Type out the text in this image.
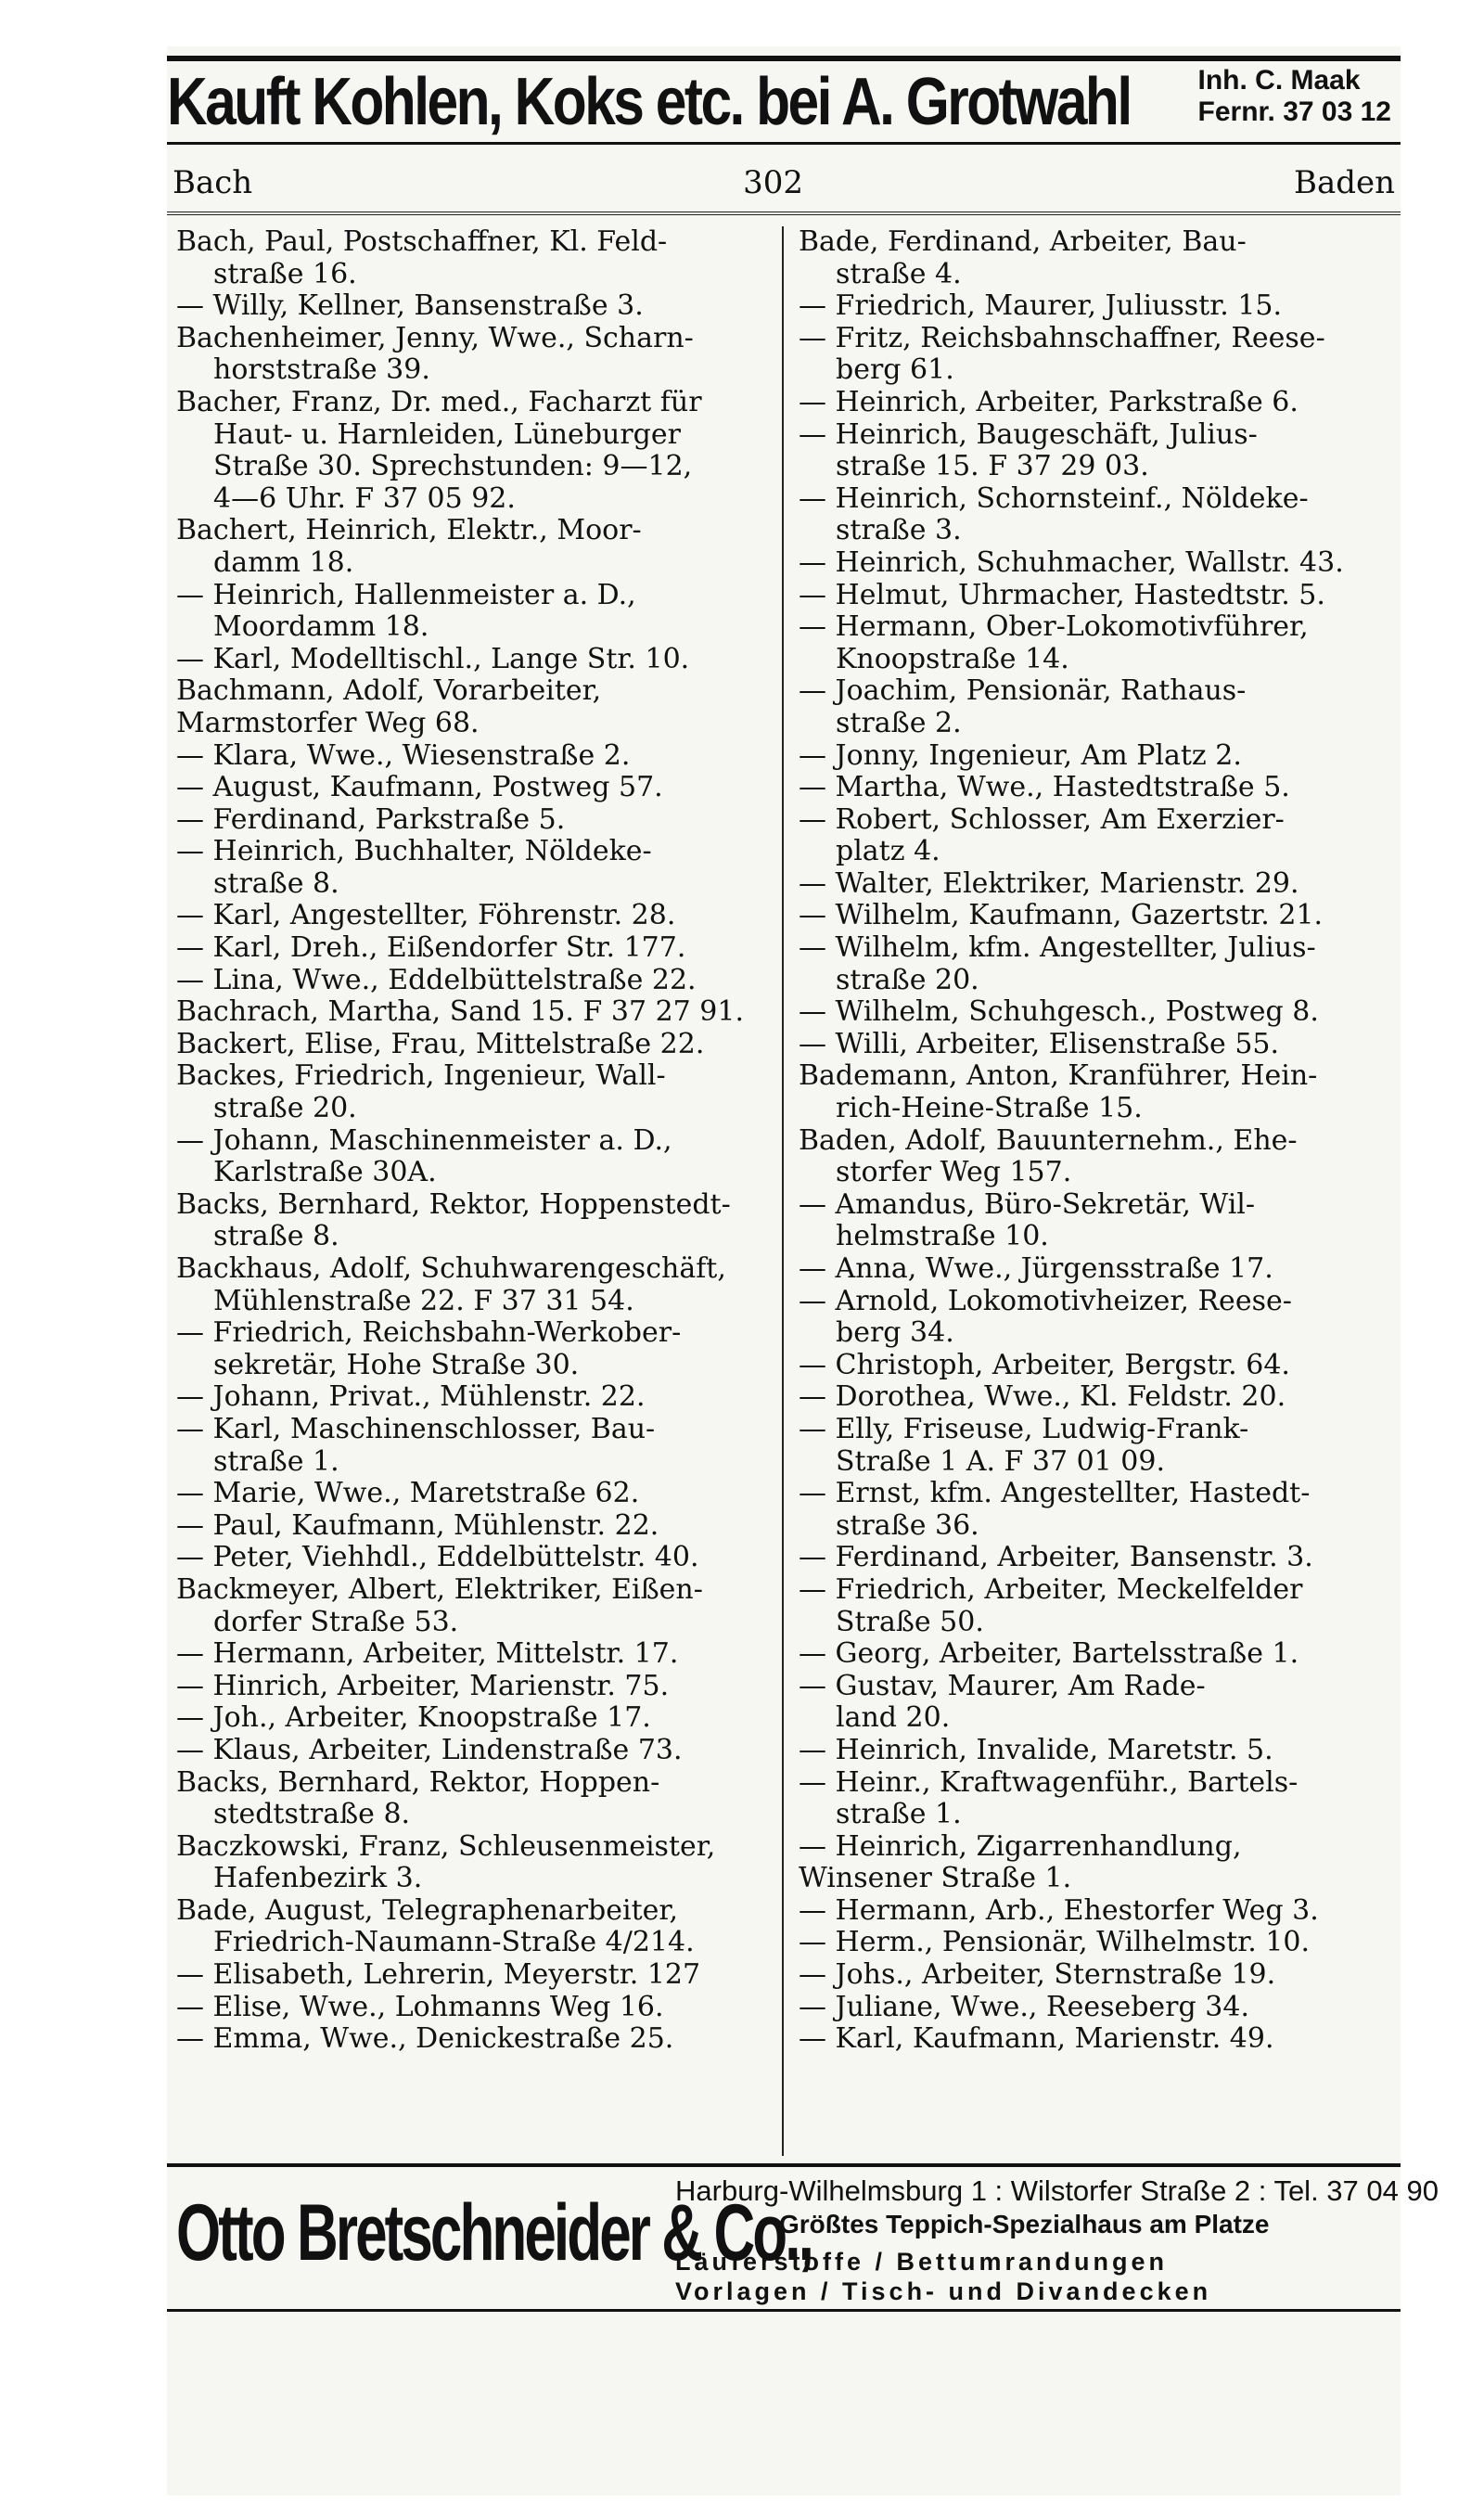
Kauft Kohlen, Koks etc. bei A. Grotwahl Inh. C. Maak
Fernr. 37 03 12
Bach	302	Baden
Bach, Paul, Postschaffner, Kl. Feld-
straße 16.
— Willy, Kellner, Bansenstraße 3.
Bachenheimer, Jenny, Wwe., Scharn-
horststraße 39.
Bacher, Franz, Dr. med., Facharzt für
Haut- u. Harnleiden, Lüneburger
Straße 30. Sprechstunden: 9—12,
4—6 Uhr. F 37 05 92.
Bachert, Heinrich, Elektr., Moor-
damm 18.
— Heinrich, Hallenmeister a. D.,
Moordamm 18.
— Karl, Modelltischl., Lange Str. 10.
Bachmann, Adolf, Vorarbeiter,
Marmstorfer Weg 68.
— Klara, Wwe., Wiesenstraße 2.
— August, Kaufmann, Postweg 57.
— Ferdinand, Parkstraße 5.
— Heinrich, Buchhalter, Nöldeke-
straße 8.
— Karl, Angestellter, Föhrenstr. 28.
— Karl, Dreh., Eißendorfer Str. 177.
— Lina, Wwe., Eddelbüttelstraße 22.
Bachrach, Martha, Sand 15. F 37 27 91.
Backert, Elise, Frau, Mittelstraße 22.
Backes, Friedrich, Ingenieur, Wall-
straße 20.
— Johann, Maschinenmeister a. D.,
Karlstraße 30A.
Backs, Bernhard, Rektor, Hoppenstedt-
straße 8.
Backhaus, Adolf, Schuhwarengeschäft,
Mühlenstraße 22. F 37 31 54.
— Friedrich, Reichsbahn-Werkober-
sekretär, Hohe Straße 30.
— Johann, Privat., Mühlenstr. 22.
— Karl, Maschinenschlosser, Bau-
straße 1.
— Marie, Wwe., Maretstraße 62.
— Paul, Kaufmann, Mühlenstr. 22.
— Peter, Viehhdl., Eddelbüttelstr. 40.
Backmeyer, Albert, Elektriker, Eißen-
dorfer Straße 53.
— Hermann, Arbeiter, Mittelstr. 17.
— Hinrich, Arbeiter, Marienstr. 75.
— Joh., Arbeiter, Knoopstraße 17.
— Klaus, Arbeiter, Lindenstraße 73.
Backs, Bernhard, Rektor, Hoppen-
stedtstraße 8.
Baczkowski, Franz, Schleusenmeister,
Hafenbezirk 3.
Bade, August, Telegraphenarbeiter,
Friedrich-Naumann-Straße 4/214.
— Elisabeth, Lehrerin, Meyerstr. 127
— Elise, Wwe., Lohmanns Weg 16.
— Emma, Wwe., Denickestraße 25.
Bade, Ferdinand, Arbeiter, Bau-
straße 4.
— Friedrich, Maurer, Juliusstr. 15.
— Fritz, Reichsbahnschaffner, Reese-
berg 61.
— Heinrich, Arbeiter, Parkstraße 6.
— Heinrich, Baugeschäft, Julius-
straße 15. F 37 29 03.
— Heinrich, Schornsteinf., Nöldeke-
straße 3.
— Heinrich, Schuhmacher, Wallstr. 43.
— Helmut, Uhrmacher, Hastedtstr. 5.
— Hermann, Ober-Lokomotivführer,
Knoopstraße 14.
— Joachim, Pensionär, Rathaus-
straße 2.
— Jonny, Ingenieur, Am Platz 2.
— Martha, Wwe., Hastedtstraße 5.
— Robert, Schlosser, Am Exerzier-
platz 4.
— Walter, Elektriker, Marienstr. 29.
— Wilhelm, Kaufmann, Gazertstr. 21.
— Wilhelm, kfm. Angestellter, Julius-
straße 20.
— Wilhelm, Schuhgesch., Postweg 8.
— Willi, Arbeiter, Elisenstraße 55.
Bademann, Anton, Kranführer, Hein-
rich-Heine-Straße 15.
Baden, Adolf, Bauunternehm., Ehe-
storfer Weg 157.
— Amandus, Büro-Sekretär, Wil-
helmstraße 10.
— Anna, Wwe., Jürgensstraße 17.
— Arnold, Lokomotivheizer, Reese-
berg 34.
— Christoph, Arbeiter, Bergstr. 64.
— Dorothea, Wwe., Kl. Feldstr. 20.
— Elly, Friseuse, Ludwig-Frank-
Straße 1 A. F 37 01 09.
— Ernst, kfm. Angestellter, Hastedt-
straße 36.
— Ferdinand, Arbeiter, Bansenstr. 3.
— Friedrich, Arbeiter, Meckelfelder
Straße 50.
— Georg, Arbeiter, Bartelsstraße 1.
— Gustav, Maurer, Am Rade-
land 20.
— Heinrich, Invalide, Maretstr. 5.
— Heinr., Kraftwagenführ., Bartels-
straße 1.
— Heinrich, Zigarrenhandlung,
Winsener Straße 1.
— Hermann, Arb., Ehestorfer Weg 3.
— Herm., Pensionär, Wilhelmstr. 10.
— Johs., Arbeiter, Sternstraße 19.
— Juliane, Wwe., Reeseberg 34.
— Karl, Kaufmann, Marienstr. 49.
Otto Bretschneider & Co.,
Harburg-Wilhelmsburg 1 : Wilstorfer Straße 2 : Tel. 37 04 90
Größtes Teppich-Spezialhaus am Platze
Läuferstoffe / Bettumrandungen
Vorlagen / Tisch- und Divandecken
